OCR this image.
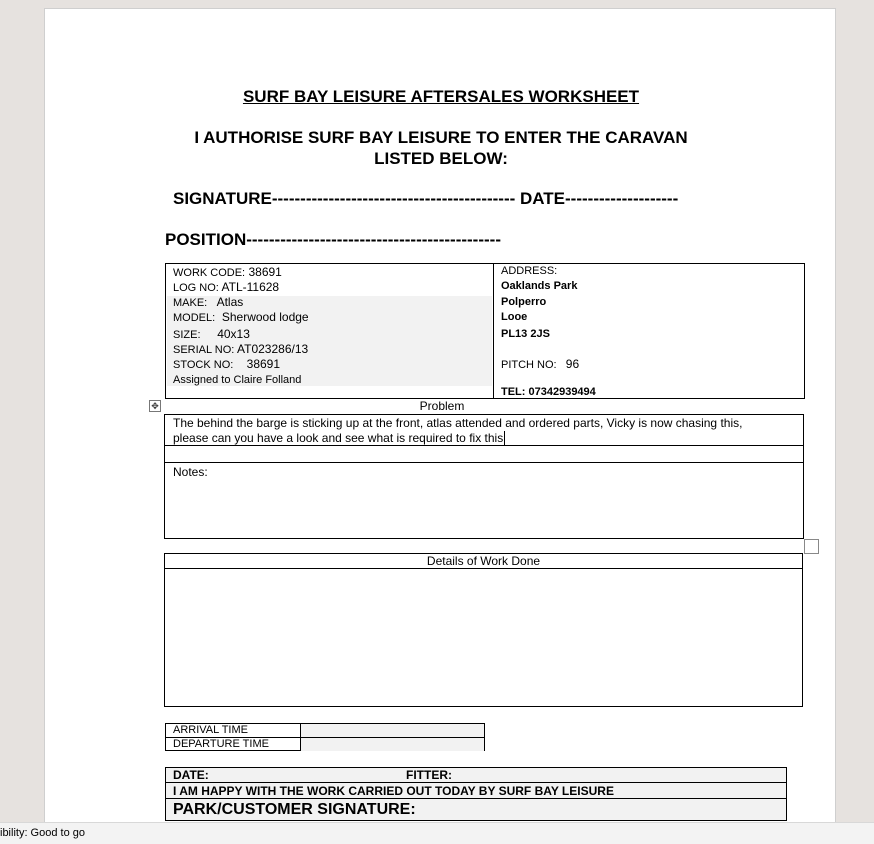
SURF BAY LEISURE AFTERSALES WORKSHEET
I AUTHORISE SURF BAY LEISURE TO ENTER THE CARAVAN
LISTED BELOW:
SIGNATURE------------------------------------------- DATE--------------------
POSITION---------------------------------------------
WORK CODE: 38691
LOG NO: ATL-11628
MAKE: Atlas
MODEL: Sherwood lodge
SIZE: 40x13
SERIAL NO: AT023286/13
STOCK NO: 38691
Assigned to Claire Folland
ADDRESS:
Oaklands Park
Polperro
Looe
PL13 2JS
PITCH NO: 96
TEL: 07342939494
✥	Problem
The behind the barge is sticking up at the front, atlas attended and ordered parts, Vicky is now chasing this,
please can you have a look and see what is required to fix this
Notes:
Details of Work Done
ARRIVAL TIME
DEPARTURE TIME
DATE:	FITTER:
I AM HAPPY WITH THE WORK CARRIED OUT TODAY BY SURF BAY LEISURE
PARK/CUSTOMER SIGNATURE:
ibility: Good to go
